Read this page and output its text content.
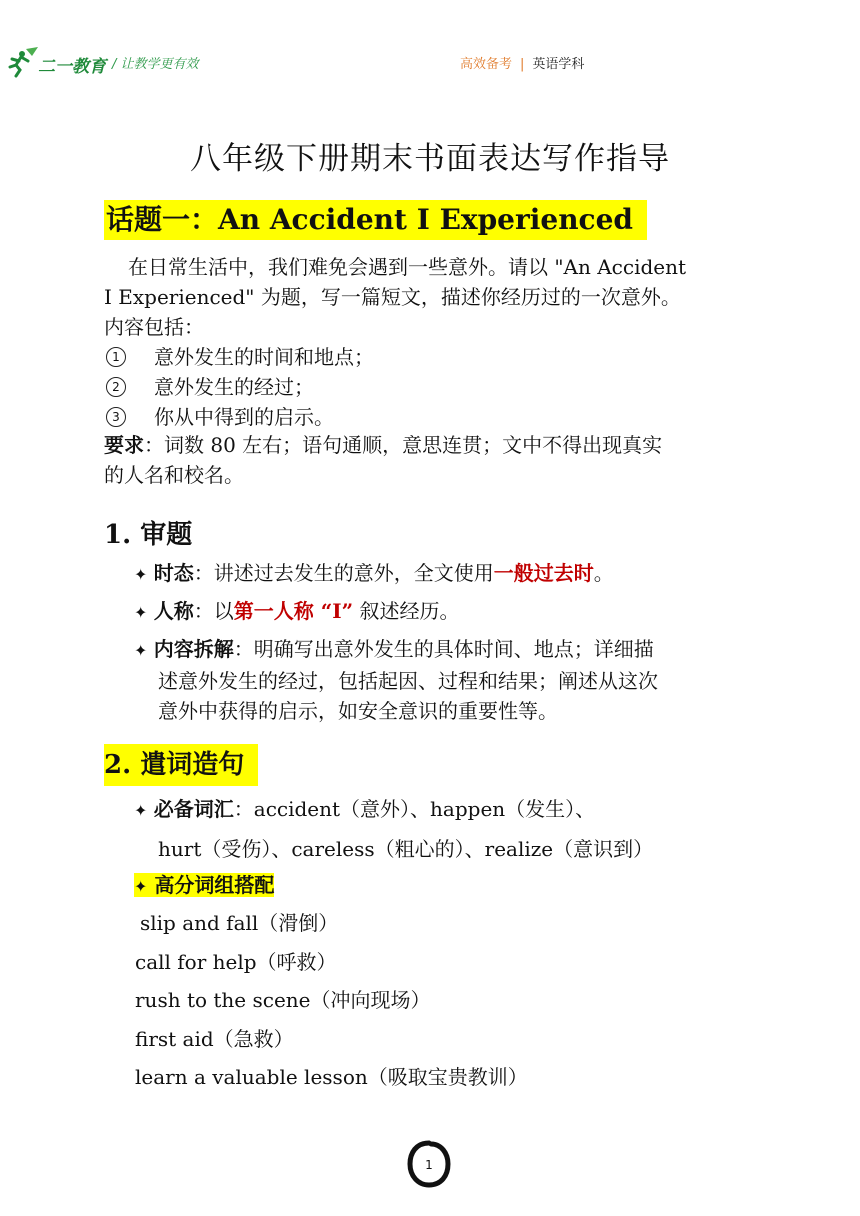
二一教育 / 让教学更有效	高效备考 | 英语学科
八年级下册期末书面表达写作指导
话题一：An Accident I Experienced
在日常生活中，我们难免会遇到一些意外。请以 "An Accident
I Experienced" 为题，写一篇短文，描述你经历过的一次意外。
内容包括：
1	意外发生的时间和地点；
2	意外发生的经过；
3	你从中得到的启示。
要求：词数 80 左右；语句通顺，意思连贯；文中不得出现真实
的人名和校名。
1. 审题
✦ 时态：讲述过去发生的意外，全文使用一般过去时。
✦ 人称：以第一人称 “I” 叙述经历。
✦ 内容拆解：明确写出意外发生的具体时间、地点；详细描
述意外发生的经过，包括起因、过程和结果；阐述从这次
意外中获得的启示，如安全意识的重要性等。
2. 遣词造句
✦ 必备词汇：accident（意外）、happen（发生）、
hurt（受伤）、careless（粗心的）、realize（意识到）
✦ 高分词组搭配
slip and fall（滑倒）
call for help（呼救）
rush to the scene（冲向现场）
first aid（急救）
learn a valuable lesson（吸取宝贵教训）
1
